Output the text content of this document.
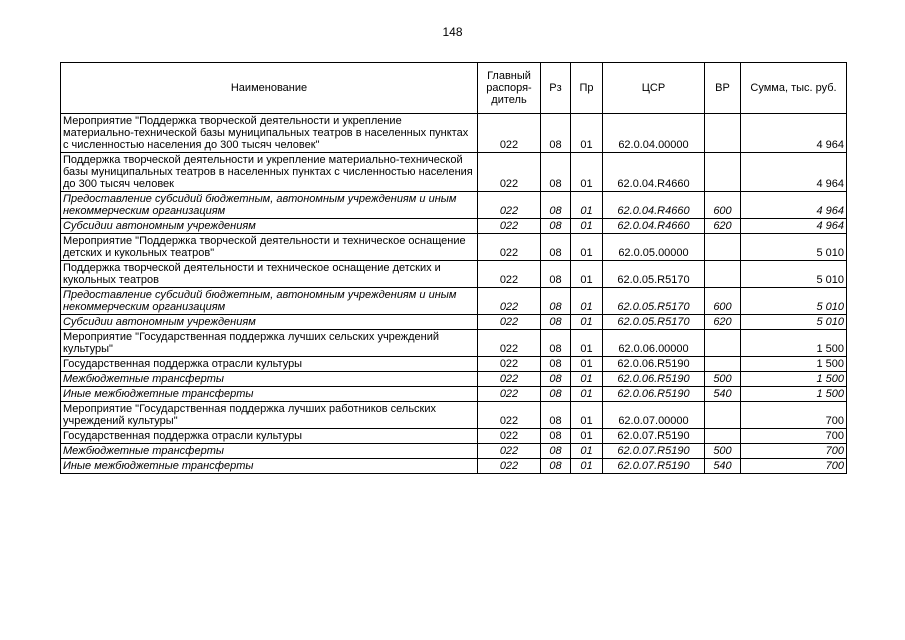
148
Наименование	Главный распоря-дитель	Рз	Пр	ЦСР	ВР	Сумма, тыс. руб.
Мероприятие "Поддержка творческой деятельности и укрепление материально-технической базы муниципальных театров в населенных пунктах с численностью населения до 300 тысяч человек"	022	08	01	62.0.04.00000		4 964
Поддержка творческой деятельности и укрепление материально-технической базы муниципальных театров в населенных пунктах с численностью населения до 300 тысяч человек	022	08	01	62.0.04.R4660		4 964
Предоставление субсидий бюджетным, автономным учреждениям и иным некоммерческим организациям	022	08	01	62.0.04.R4660	600	4 964
Субсидии автономным учреждениям	022	08	01	62.0.04.R4660	620	4 964
Мероприятие "Поддержка творческой деятельности и техническое оснащение детских и кукольных театров"	022	08	01	62.0.05.00000		5 010
Поддержка творческой деятельности и техническое оснащение детских и кукольных театров	022	08	01	62.0.05.R5170		5 010
Предоставление субсидий бюджетным, автономным учреждениям и иным некоммерческим организациям	022	08	01	62.0.05.R5170	600	5 010
Субсидии автономным учреждениям	022	08	01	62.0.05.R5170	620	5 010
Мероприятие "Государственная поддержка лучших сельских учреждений культуры"	022	08	01	62.0.06.00000		1 500
Государственная поддержка отрасли культуры	022	08	01	62.0.06.R5190		1 500
Межбюджетные трансферты	022	08	01	62.0.06.R5190	500	1 500
Иные межбюджетные трансферты	022	08	01	62.0.06.R5190	540	1 500
Мероприятие "Государственная поддержка лучших работников сельских учреждений культуры"	022	08	01	62.0.07.00000		700
Государственная поддержка отрасли культуры	022	08	01	62.0.07.R5190		700
Межбюджетные трансферты	022	08	01	62.0.07.R5190	500	700
Иные межбюджетные трансферты	022	08	01	62.0.07.R5190	540	700
